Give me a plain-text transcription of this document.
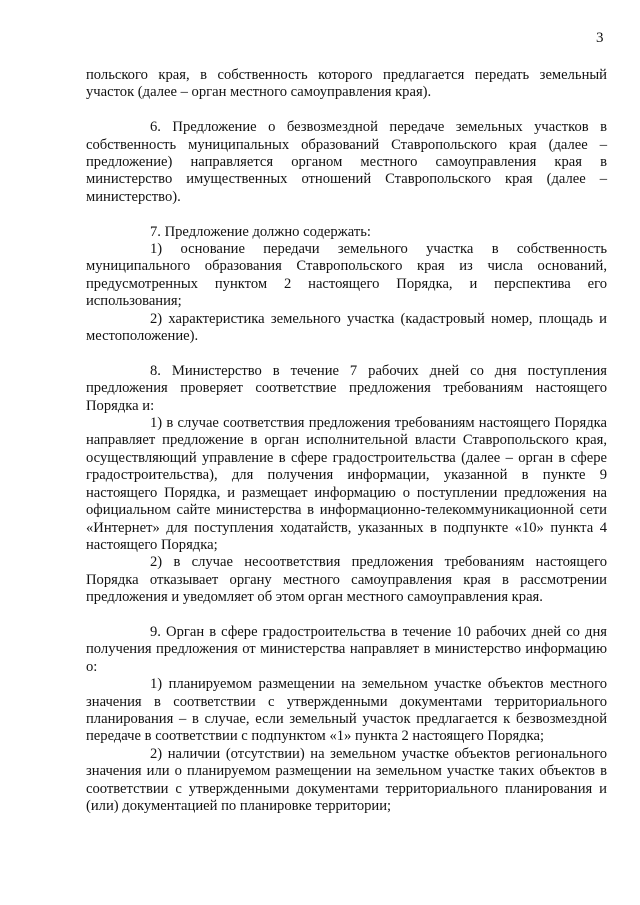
3

польского края, в собственность которого предлагается передать земельный участок (далее – орган местного самоуправления края).

6. Предложение о безвозмездной передаче земельных участков в собственность муниципальных образований Ставропольского края (далее – предложение) направляется органом местного самоуправления края в министерство имущественных отношений Ставропольского края (далее – министерство).

7. Предложение должно содержать:

1) основание передачи земельного участка в собственность муниципального образования Ставропольского края из числа оснований, предусмотренных пунктом 2 настоящего Порядка, и перспектива его использования;

2) характеристика земельного участка (кадастровый номер, площадь и местоположение).

8. Министерство в течение 7 рабочих дней со дня поступления предложения проверяет соответствие предложения требованиям настоящего Порядка и:

1) в случае соответствия предложения требованиям настоящего Порядка направляет предложение в орган исполнительной власти Ставропольского края, осуществляющий управление в сфере градостроительства (далее – орган в сфере градостроительства), для получения информации, указанной в пункте 9 настоящего Порядка, и размещает информацию о поступлении предложения на официальном сайте министерства в информационно-телекоммуникационной сети «Интернет» для поступления ходатайств, указанных в подпункте «10» пункта 4 настоящего Порядка;

2) в случае несоответствия предложения требованиям настоящего Порядка отказывает органу местного самоуправления края в рассмотрении предложения и уведомляет об этом орган местного самоуправления края.

9. Орган в сфере градостроительства в течение 10 рабочих дней со дня получения предложения от министерства направляет в министерство информацию о:

1) планируемом размещении на земельном участке объектов местного значения в соответствии с утвержденными документами территориального планирования – в случае, если земельный участок предлагается к безвозмездной передаче в соответствии с подпунктом «1» пункта 2 настоящего Порядка;

2) наличии (отсутствии) на земельном участке объектов регионального значения или о планируемом размещении на земельном участке таких объектов в соответствии с утвержденными документами территориального планирования и (или) документацией по планировке территории;
